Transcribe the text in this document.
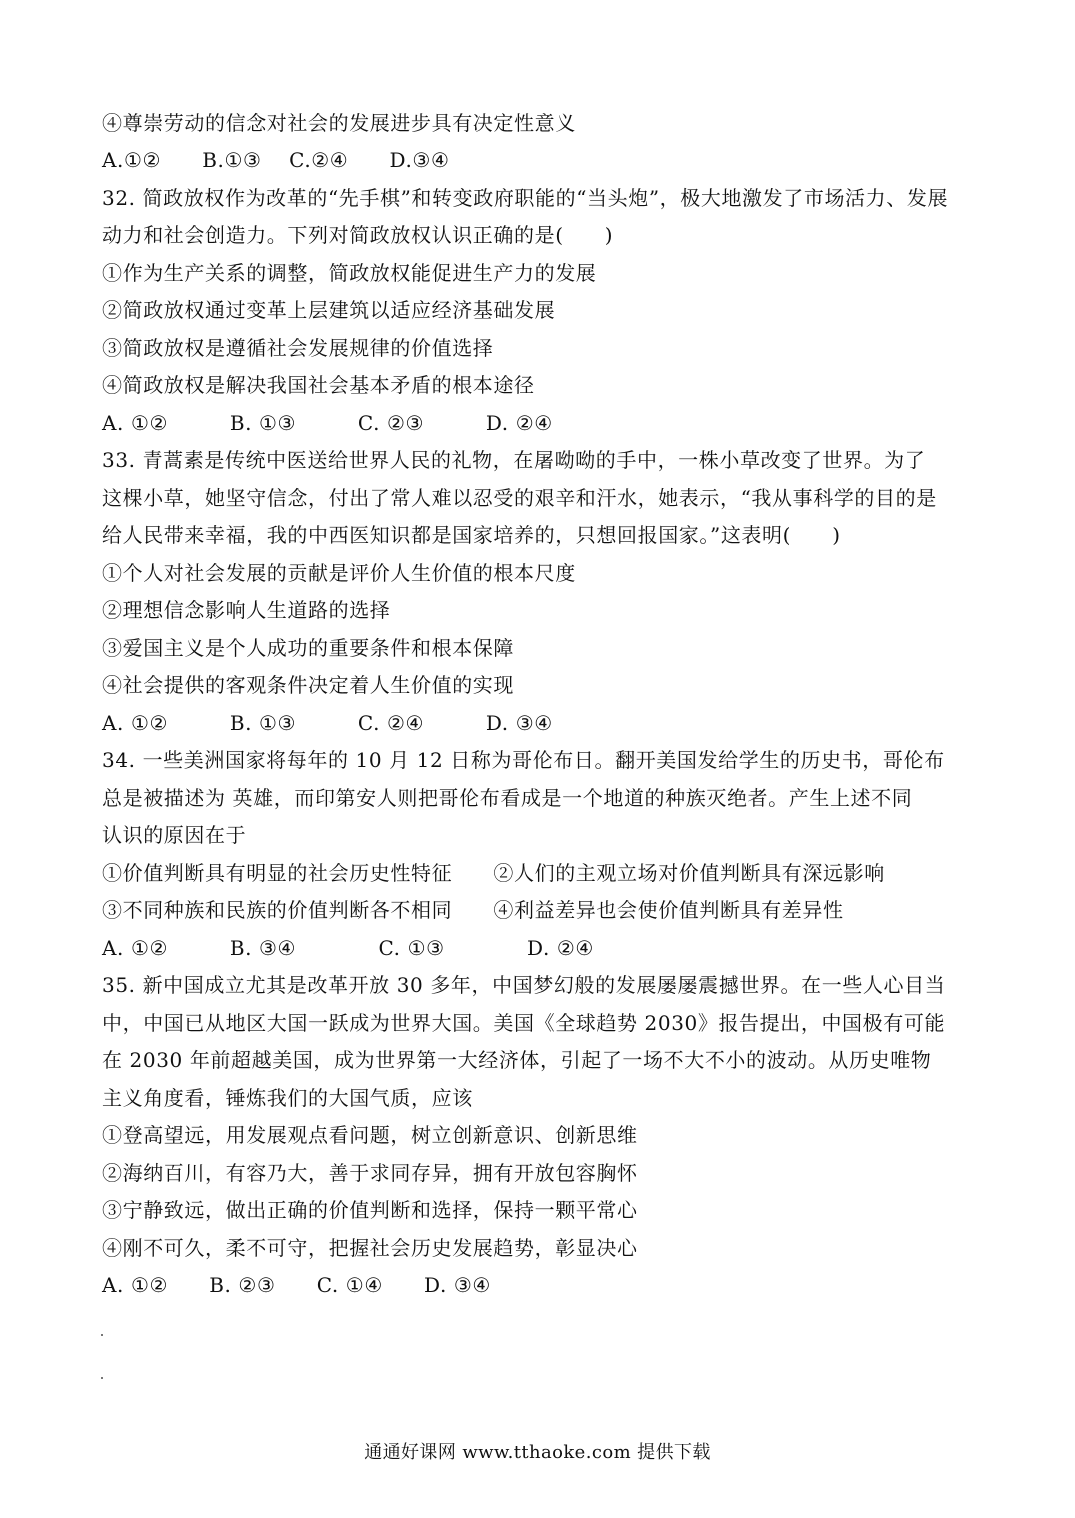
④尊崇劳动的信念对社会的发展进步具有决定性意义
A.①②　　B.①③　 C.②④　　D.③④
32. 简政放权作为改革的“先手棋”和转变政府职能的“当头炮”，极大地激发了市场活力、发展
动力和社会创造力。下列对简政放权认识正确的是(　　)
①作为生产关系的调整，简政放权能促进生产力的发展
②简政放权通过变革上层建筑以适应经济基础发展
③简政放权是遵循社会发展规律的价值选择
④简政放权是解决我国社会基本矛盾的根本途径
A. ①②　　　B. ①③　　　C. ②③　　　D. ②④
33. 青蒿素是传统中医送给世界人民的礼物，在屠呦呦的手中，一株小草改变了世界。为了
这棵小草，她坚守信念，付出了常人难以忍受的艰辛和汗水，她表示，“我从事科学的目的是
给人民带来幸福，我的中西医知识都是国家培养的，只想回报国家。”这表明(　　)
①个人对社会发展的贡献是评价人生价值的根本尺度
②理想信念影响人生道路的选择
③爱国主义是个人成功的重要条件和根本保障
④社会提供的客观条件决定着人生价值的实现
A. ①②　　　B. ①③　　　C. ②④　　　D. ③④
34. 一些美洲国家将每年的 10 月 12 日称为哥伦布日。翻开美国发给学生的历史书，哥伦布
总是被描述为 英雄，而印第安人则把哥伦布看成是一个地道的种族灭绝者。产生上述不同
认识的原因在于
①价值判断具有明显的社会历史性特征　　②人们的主观立场对价值判断具有深远影响
③不同种族和民族的价值判断各不相同　　④利益差异也会使价值判断具有差异性
A. ①②　　　B. ③④　　　　C. ①③　　　　D. ②④
35. 新中国成立尤其是改革开放 30 多年，中国梦幻般的发展屡屡震撼世界。在一些人心目当
中，中国已从地区大国一跃成为世界大国。美国《全球趋势 2030》报告提出，中国极有可能
在 2030 年前超越美国，成为世界第一大经济体，引起了一场不大不小的波动。从历史唯物
主义角度看，锤炼我们的大国气质，应该
①登高望远，用发展观点看问题，树立创新意识、创新思维
②海纳百川，有容乃大，善于求同存异，拥有开放包容胸怀
③宁静致远，做出正确的价值判断和选择，保持一颗平常心
④刚不可久，柔不可守，把握社会历史发展趋势，彰显决心
A. ①②　　B. ②③　　C. ①④　　D. ③④
通通好课网 www.tthaoke.com 提供下载
